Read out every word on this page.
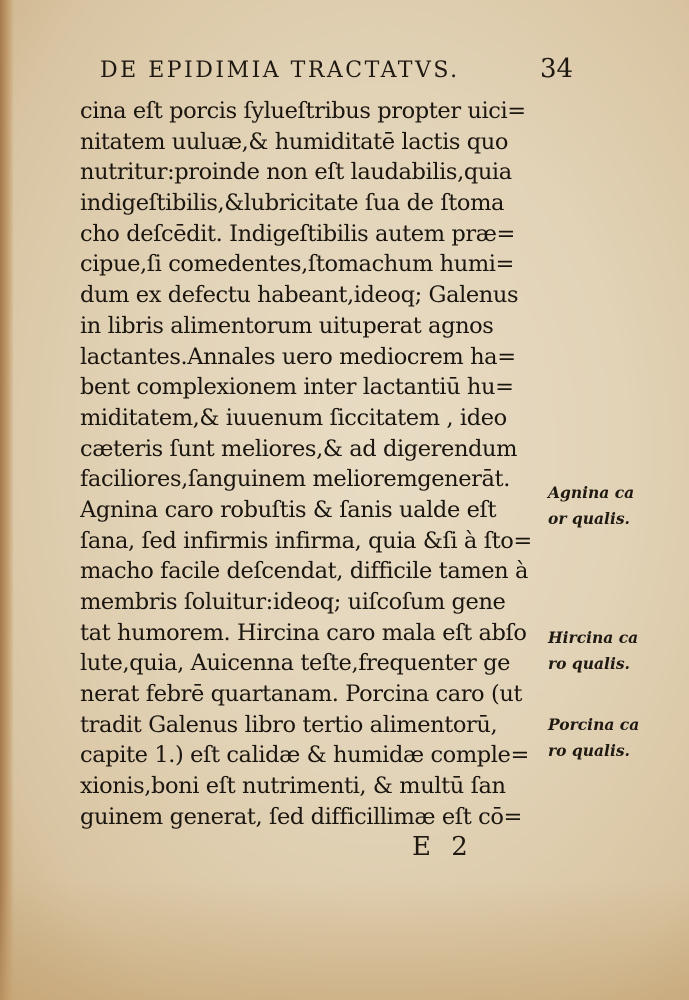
DE EPIDIMIA TRACTATVS.	34
cina eſt porcis ſylueſtribus propter uici=
nitatem uuluæ,& humiditatē lactis quo
nutritur:proinde non eſt laudabilis,quia
indigeſtibilis,&lubricitate ſua de ſtoma
cho deſcēdit. Indigeſtibilis autem præ=
cipue,ſi comedentes,ſtomachum humi=
dum ex defectu habeant,ideoq; Galenus
in libris alimentorum uituperat agnos
lactantes.Annales uero mediocrem ha=
bent complexionem inter lactantiū hu=
miditatem,& iuuenum ſiccitatem , ideo
cæteris ſunt meliores,& ad digerendum
faciliores,ſanguinem melioremgenerāt.
Agnina caro robuſtis & ſanis ualde eſt
ſana, ſed infirmis infirma, quia &ſi à ſto=
macho facile deſcendat, difficile tamen à
membris ſoluitur:ideoq; uiſcoſum gene
tat humorem. Hircina caro mala eſt abſo
lute,quia, Auicenna teſte,frequenter ge
nerat febrē quartanam. Porcina caro (ut
tradit Galenus libro tertio alimentorū,
capite 1.) eſt calidæ & humidæ comple=
xionis,boni eſt nutrimenti, & multū ſan
guinem generat, ſed difficillimæ eſt cō=
Agnina ca
or qualis.
Hircina ca
ro qualis.
Porcina ca
ro qualis.
E 2
